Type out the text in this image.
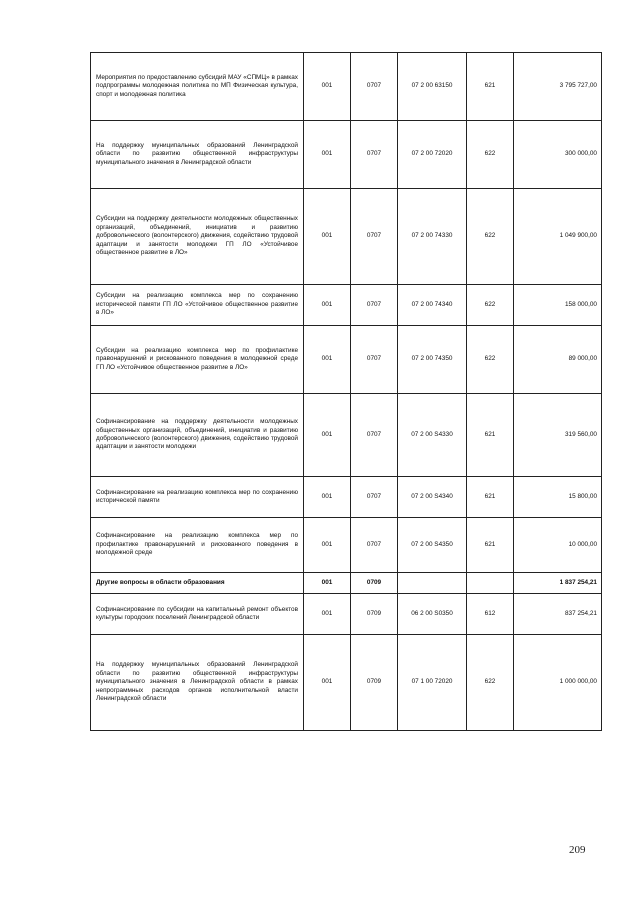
Мероприятия по предоставлению субсидий МАУ «СПМЦ» в рамках подпрограммы молодежная политика по МП Физическая культура, спорт и молодежная политика	001	0707	07 2 00 63150	621	3 795 727,00
На поддержку муниципальных образований Ленинградской области по развитию общественной инфраструктуры муниципального значения в Ленинградской области	001	0707	07 2 00 72020	622	300 000,00
Субсидии на поддержку деятельности молодежных общественных организаций, объединений, инициатив и развитию добровольческого (волонтерского) движения, содействию трудовой адаптации и занятости молодежи ГП ЛО «Устойчивое общественное развитие в ЛО»	001	0707	07 2 00 74330	622	1 049 900,00
Субсидии на реализацию комплекса мер по сохранению исторической памяти ГП ЛО «Устойчивое общественное развитие в ЛО»	001	0707	07 2 00 74340	622	158 000,00
Субсидии на реализацию комплекса мер по профилактике правонарушений и рискованного поведения в молодежной среде ГП ЛО «Устойчивое общественное развитие в ЛО»	001	0707	07 2 00 74350	622	89 000,00
Софинансирование на поддержку деятельности молодежных общественных организаций, объединений, инициатив и развитию добровольческого (волонтерского) движения, содействию трудовой адаптации и занятости молодежи	001	0707	07 2 00 S4330	621	319 560,00
Софинансирование на реализацию комплекса мер по сохранению исторической памяти	001	0707	07 2 00 S4340	621	15 800,00
Софинансирование на реализацию комплекса мер по профилактике правонарушений и рискованного поведения в молодежной среде	001	0707	07 2 00 S4350	621	10 000,00
Другие вопросы в области образования	001	0709			1 837 254,21
Софинансирование по субсидии на капитальный ремонт объектов культуры городских поселений Ленинградской области	001	0709	06 2 00 S0350	612	837 254,21
На поддержку муниципальных образований Ленинградской области по развитию общественной инфраструктуры муниципального значения в Ленинградской области в рамках непрограммных расходов органов исполнительной власти Ленинградской области	001	0709	07 1 00 72020	622	1 000 000,00
209
